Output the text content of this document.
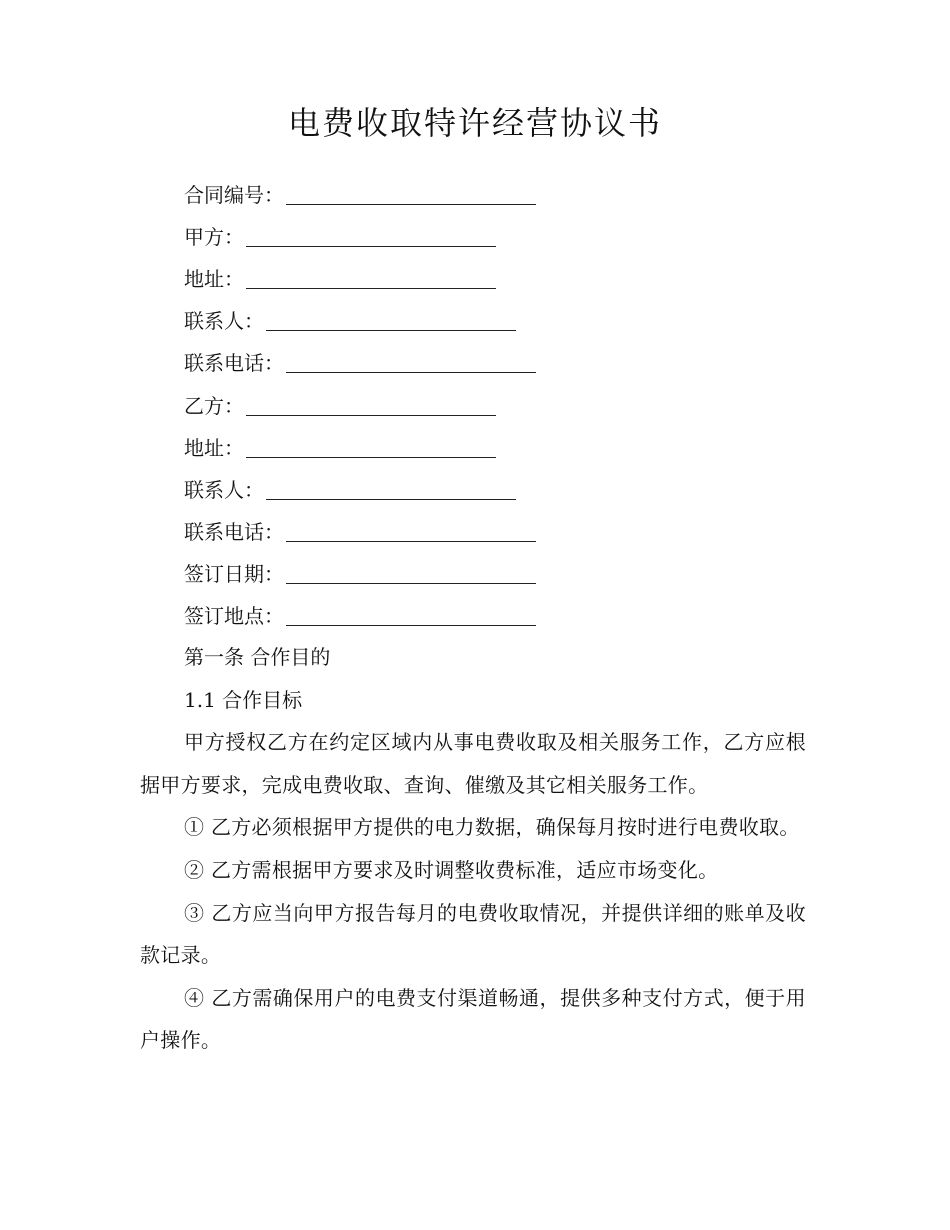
电费收取特许经营协议书
合同编号：
甲方：
地址：
联系人：
联系电话：
乙方：
地址：
联系人：
联系电话：
签订日期：
签订地点：
第一条 合作目的
1.1 合作目标
甲方授权乙方在约定区域内从事电费收取及相关服务工作，乙方应根据甲方要求，完成电费收取、查询、催缴及其它相关服务工作。
① 乙方必须根据甲方提供的电力数据，确保每月按时进行电费收取。
② 乙方需根据甲方要求及时调整收费标准，适应市场变化。
③ 乙方应当向甲方报告每月的电费收取情况，并提供详细的账单及收款记录。
④ 乙方需确保用户的电费支付渠道畅通，提供多种支付方式，便于用户操作。
